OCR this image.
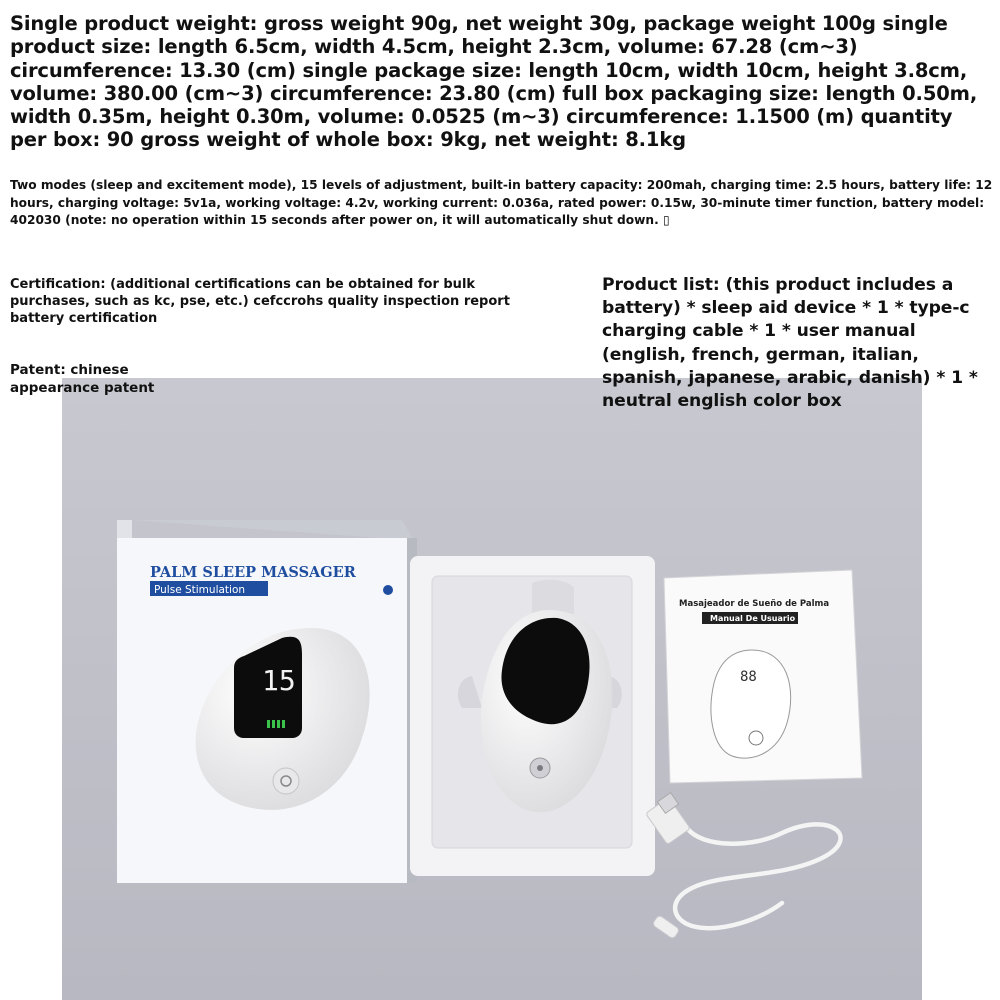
Single product weight: gross weight 90g, net weight 30g, package weight 100g single product size: length 6.5cm, width 4.5cm, height 2.3cm, volume: 67.28 (cm~3) circumference: 13.30 (cm) single package size: length 10cm, width 10cm, height 3.8cm, volume: 380.00 (cm~3) circumference: 23.80 (cm) full box packaging size: length 0.50m, width 0.35m, height 0.30m, volume: 0.0525 (m~3) circumference: 1.1500 (m) quantity per box: 90 gross weight of whole box: 9kg, net weight: 8.1kg

Two modes (sleep and excitement mode), 15 levels of adjustment, built-in battery capacity: 200mah, charging time: 2.5 hours, battery life: 12 hours, charging voltage: 5v1a, working voltage: 4.2v, working current: 0.036a, rated power: 0.15w, 30-minute timer function, battery model: 402030 (note: no operation within 15 seconds after power on, it will automatically shut down. ▯

Certification: (additional certifications can be obtained for bulk purchases, such as kc, pse, etc.) cefccrohs quality inspection report battery certification

Patent: chinese appearance patent

Product list: (this product includes a battery) * sleep aid device * 1 * type-c charging cable * 1 * user manual (english, french, german, italian, spanish, japanese, arabic, danish) * 1 * neutral english color box

PALM SLEEP MASSAGER
Pulse Stimulation
15
Masajeador de Sueño de Palma
Manual De Usuario
88
